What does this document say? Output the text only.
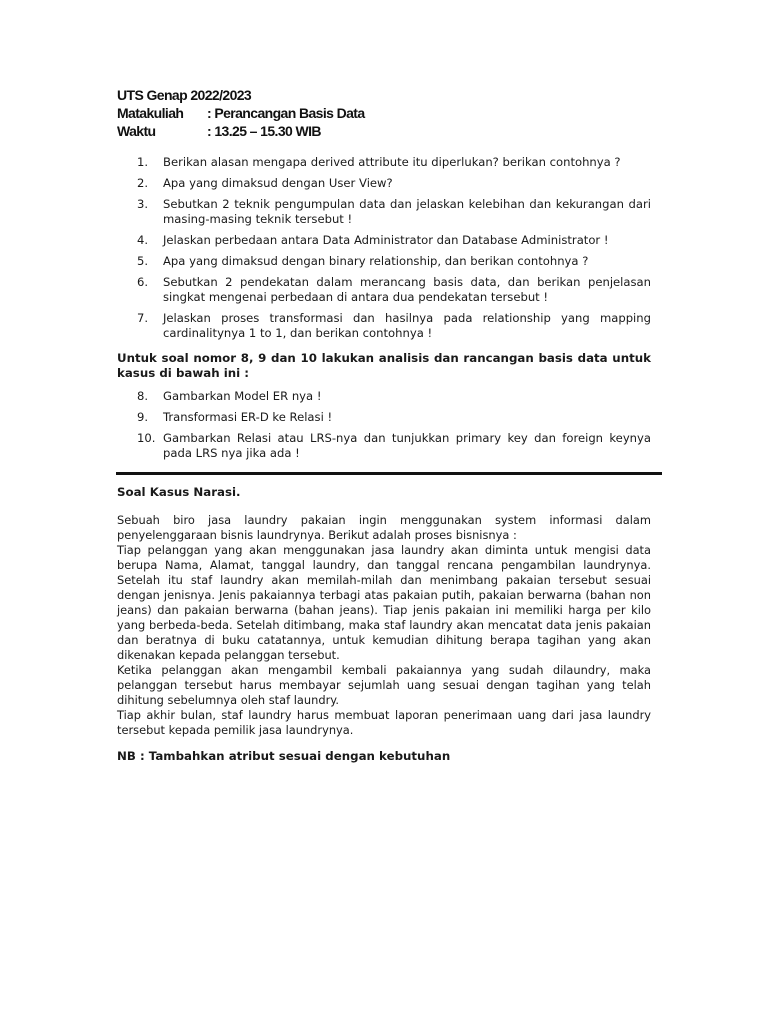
UTS Genap 2022/2023
Matakuliah : Perancangan Basis Data
Waktu	: 13.25 – 15.30 WIB
1. Berikan alasan mengapa derived attribute itu diperlukan? berikan contohnya ?
2. Apa yang dimaksud dengan User View?
3. Sebutkan 2 teknik pengumpulan data dan jelaskan kelebihan dan kekurangan dari masing-masing teknik tersebut !
4. Jelaskan perbedaan antara Data Administrator dan Database Administrator !
5. Apa yang dimaksud dengan binary relationship, dan berikan contohnya ?
6. Sebutkan 2 pendekatan dalam merancang basis data, dan berikan penjelasan singkat mengenai perbedaan di antara dua pendekatan tersebut !
7. Jelaskan proses transformasi dan hasilnya pada relationship yang mapping cardinalitynya 1 to 1, dan berikan contohnya !
Untuk soal nomor 8, 9 dan 10 lakukan analisis dan rancangan basis data untuk kasus di bawah ini :
8. Gambarkan Model ER nya !
9. Transformasi ER-D ke Relasi !
10. Gambarkan Relasi atau LRS-nya dan tunjukkan primary key dan foreign keynya pada LRS nya jika ada !
Soal Kasus Narasi.

Sebuah biro jasa laundry pakaian ingin menggunakan system informasi dalam penyelenggaraan bisnis laundrynya. Berikut adalah proses bisnisnya :

Tiap pelanggan yang akan menggunakan jasa laundry akan diminta untuk mengisi data berupa Nama, Alamat, tanggal laundry, dan tanggal rencana pengambilan laundrynya. Setelah itu staf laundry akan memilah-milah dan menimbang pakaian tersebut sesuai dengan jenisnya. Jenis pakaiannya terbagi atas pakaian putih, pakaian berwarna (bahan non jeans) dan pakaian berwarna (bahan jeans). Tiap jenis pakaian ini memiliki harga per kilo yang berbeda-beda. Setelah ditimbang, maka staf laundry akan mencatat data jenis pakaian dan beratnya di buku catatannya, untuk kemudian dihitung berapa tagihan yang akan dikenakan kepada pelanggan tersebut.

Ketika pelanggan akan mengambil kembali pakaiannya yang sudah dilaundry, maka pelanggan tersebut harus membayar sejumlah uang sesuai dengan tagihan yang telah dihitung sebelumnya oleh staf laundry.

Tiap akhir bulan, staf laundry harus membuat laporan penerimaan uang dari jasa laundry tersebut kepada pemilik jasa laundrynya.

NB : Tambahkan atribut sesuai dengan kebutuhan
